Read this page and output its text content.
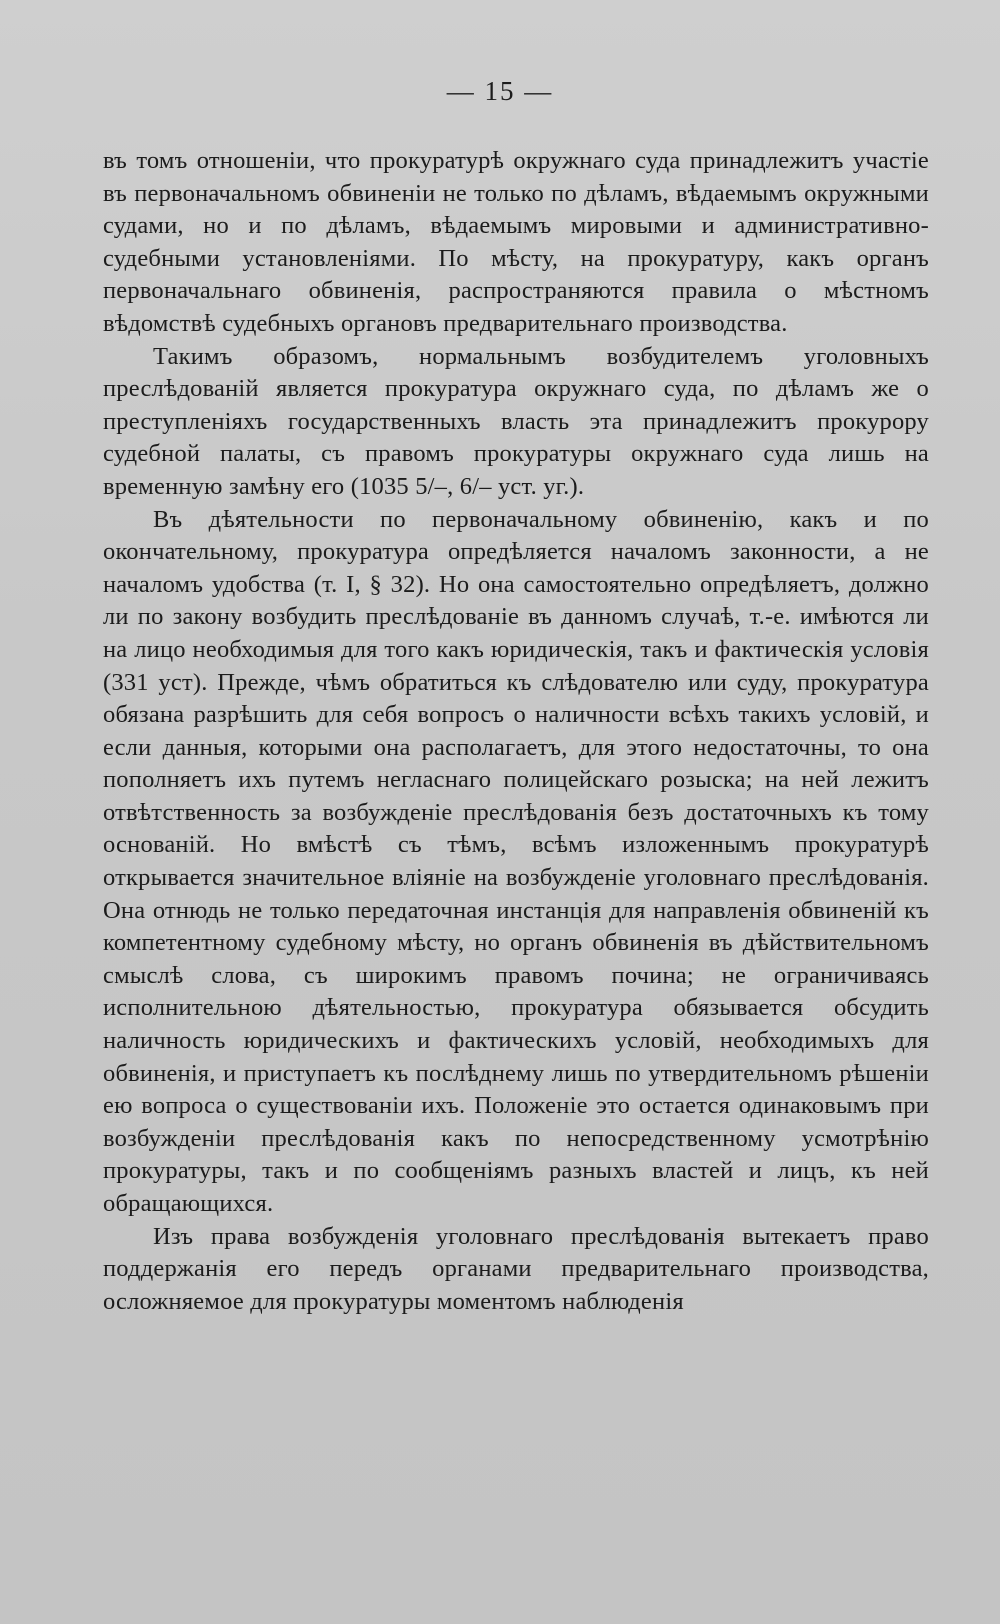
— 15 —

въ томъ отношеніи, что прокуратурѣ окружнаго суда принадлежитъ участіе въ первоначальномъ обвиненіи не только по дѣламъ, вѣдаемымъ окружными судами, но и по дѣламъ, вѣдаемымъ мировыми и административно-судебными установленіями. По мѣсту, на прокуратуру, какъ органъ первоначальнаго обвиненія, распространяются правила о мѣстномъ вѣдомствѣ судебныхъ органовъ предварительнаго производства.

Такимъ образомъ, нормальнымъ возбудителемъ уголовныхъ преслѣдованій является прокуратура окружнаго суда, по дѣламъ же о преступленіяхъ государственныхъ власть эта принадлежитъ прокурору судебной палаты, съ правомъ прокуратуры окружнаго суда лишь на временную замѣну его (1035 5/–, 6/– уст. уг.).

Въ дѣятельности по первоначальному обвиненію, какъ и по окончательному, прокуратура опредѣляется началомъ законности, а не началомъ удобства (т. I, § 32). Но она самостоятельно опредѣляетъ, должно ли по закону возбудить преслѣдованіе въ данномъ случаѣ, т.-е. имѣются ли на лицо необходимыя для того какъ юридическія, такъ и фактическія условія (331 уст). Прежде, чѣмъ обратиться къ слѣдователю или суду, прокуратура обязана разрѣшить для себя вопросъ о наличности всѣхъ такихъ условій, и если данныя, которыми она располагаетъ, для этого недостаточны, то она пополняетъ ихъ путемъ негласнаго полицейскаго розыска; на ней лежитъ отвѣтственность за возбужденіе преслѣдованія безъ достаточныхъ къ тому основаній. Но вмѣстѣ съ тѣмъ, всѣмъ изложеннымъ прокуратурѣ открывается значительное вліяніе на возбужденіе уголовнаго преслѣдованія. Она отнюдь не только передаточная инстанція для направленія обвиненій къ компетентному судебному мѣсту, но органъ обвиненія въ дѣйствительномъ смыслѣ слова, съ широкимъ правомъ почина; не ограничиваясь исполнительною дѣятельностью, прокуратура обязывается обсудить наличность юридическихъ и фактическихъ условій, необходимыхъ для обвиненія, и приступаетъ къ послѣднему лишь по утвердительномъ рѣшеніи ею вопроса о существованіи ихъ. Положеніе это остается одинаковымъ при возбужденіи преслѣдованія какъ по непосредственному усмотрѣнію прокуратуры, такъ и по сообщеніямъ разныхъ властей и лицъ, къ ней обращающихся.

Изъ права возбужденія уголовнаго преслѣдованія вытекаетъ право поддержанія его передъ органами предварительнаго производства, осложняемое для прокуратуры моментомъ наблюденія
